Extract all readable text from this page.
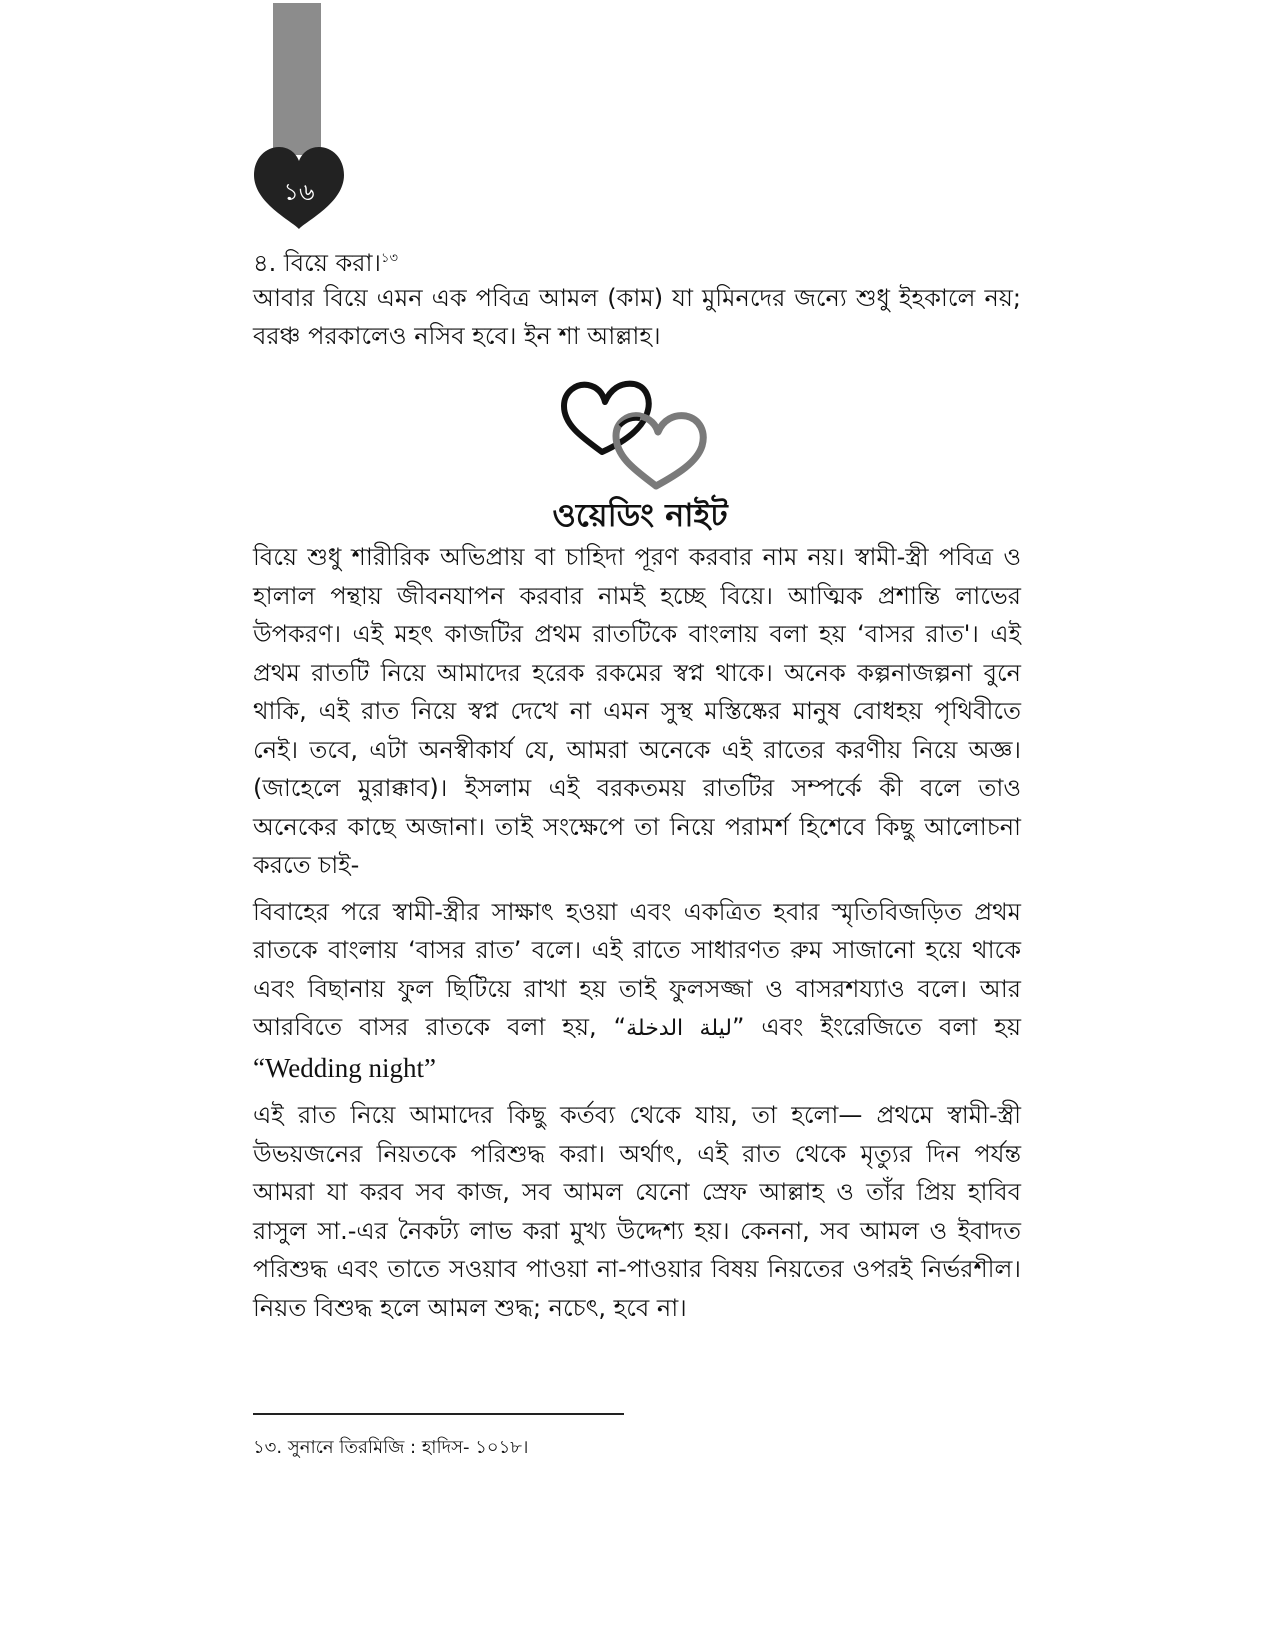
১৬
৪. বিয়ে করা।$^{১৩}$
আবার বিয়ে এমন এক পবিত্র আমল (কাম) যা মুমিনদের জন্যে শুধু ইহকালে নয়; বরঞ্চ পরকালেও নসিব হবে। ইন শা আল্লাহ।
ওয়েডিং নাইট

বিয়ে শুধু শারীরিক অভিপ্রায় বা চাহিদা পূরণ করবার নাম নয়। স্বামী-স্ত্রী পবিত্র ও হালাল পন্থায় জীবনযাপন করবার নামই হচ্ছে বিয়ে। আত্মিক প্রশান্তি লাভের উপকরণ। এই মহৎ কাজটির প্রথম রাতটিকে বাংলায় বলা হয় ‘বাসর রাত'। এই প্রথম রাতটি নিয়ে আমাদের হরেক রকমের স্বপ্ন থাকে। অনেক কল্পনাজল্পনা বুনে থাকি, এই রাত নিয়ে স্বপ্ন দেখে না এমন সুস্থ মস্তিষ্কের মানুষ বোধহয় পৃথিবীতে নেই। তবে, এটা অনস্বীকার্য যে, আমরা অনেকে এই রাতের করণীয় নিয়ে অজ্ঞ। (জাহেলে মুরাক্কাব)। ইসলাম এই বরকতময় রাতটির সম্পর্কে কী বলে তাও অনেকের কাছে অজানা। তাই সংক্ষেপে তা নিয়ে পরামর্শ হিশেবে কিছু আলোচনা করতে চাই-

বিবাহের পরে স্বামী-স্ত্রীর সাক্ষাৎ হওয়া এবং একত্রিত হবার স্মৃতিবিজড়িত প্রথম রাতকে বাংলায় ‘বাসর রাত’ বলে। এই রাতে সাধারণত রুম সাজানো হয়ে থাকে এবং বিছানায় ফুল ছিটিয়ে রাখা হয় তাই ফুলসজ্জা ও বাসরশয্যাও বলে। আর আরবিতে বাসর রাতকে বলা হয়, “ليلة الدخلة” এবং ইংরেজিতে বলা হয় “Wedding night”

এই রাত নিয়ে আমাদের কিছু কর্তব্য থেকে যায়, তা হলো— প্রথমে স্বামী-স্ত্রী উভয়জনের নিয়তকে পরিশুদ্ধ করা। অর্থাৎ, এই রাত থেকে মৃত্যুর দিন পর্যন্ত আমরা যা করব সব কাজ, সব আমল যেনো স্রেফ আল্লাহ ও তাঁর প্রিয় হাবিব রাসুল সা.-এর নৈকট্য লাভ করা মুখ্য উদ্দেশ্য হয়। কেননা, সব আমল ও ইবাদত পরিশুদ্ধ এবং তাতে সওয়াব পাওয়া না-পাওয়ার বিষয় নিয়তের ওপরই নির্ভরশীল। নিয়ত বিশুদ্ধ হলে আমল শুদ্ধ; নচেৎ, হবে না।

১৩. সুনানে তিরমিজি : হাদিস- ১০১৮।
